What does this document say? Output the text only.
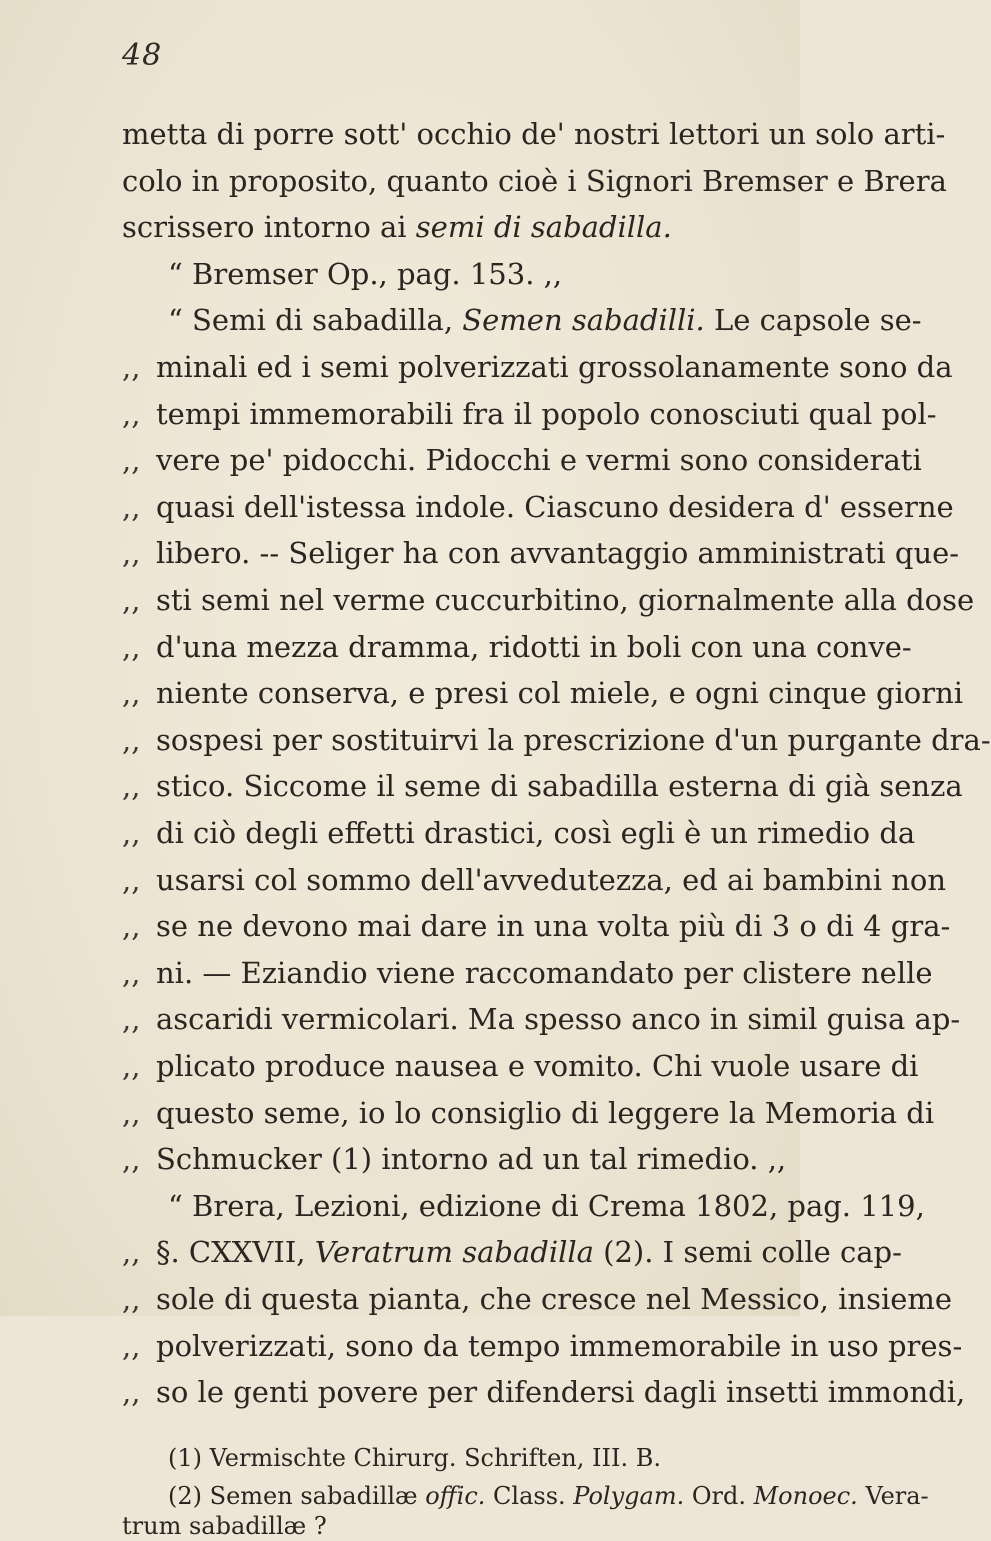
48
metta di porre sott' occhio de' nostri lettori un solo arti-
colo in proposito, quanto cioè i Signori Bremser e Brera
scrissero intorno ai semi di sabadilla.
“ Bremser Op., pag. 153. ,,
“ Semi di sabadilla, Semen sabadilli. Le capsole se-
,, minali ed i semi polverizzati grossolanamente sono da
,, tempi immemorabili fra il popolo conosciuti qual pol-
,, vere pe' pidocchi. Pidocchi e vermi sono considerati
,, quasi dell'istessa indole. Ciascuno desidera d' esserne
,, libero. -- Seliger ha con avvantaggio amministrati que-
,, sti semi nel verme cuccurbitino, giornalmente alla dose
,, d'una mezza dramma, ridotti in boli con una conve-
,, niente conserva, e presi col miele, e ogni cinque giorni
,, sospesi per sostituirvi la prescrizione d'un purgante dra-
,, stico. Siccome il seme di sabadilla esterna di già senza
,, di ciò degli effetti drastici, così egli è un rimedio da
,, usarsi col sommo dell'avvedutezza, ed ai bambini non
,, se ne devono mai dare in una volta più di 3 o di 4 gra-
,, ni. — Eziandio viene raccomandato per clistere nelle
,, ascaridi vermicolari. Ma spesso anco in simil guisa ap-
,, plicato produce nausea e vomito. Chi vuole usare di
,, questo seme, io lo consiglio di leggere la Memoria di
,, Schmucker (1) intorno ad un tal rimedio. ,,
“ Brera, Lezioni, edizione di Crema 1802, pag. 119,
,, §. CXXVII, Veratrum sabadilla (2). I semi colle cap-
,, sole di questa pianta, che cresce nel Messico, insieme
,, polverizzati, sono da tempo immemorabile in uso pres-
,, so le genti povere per difendersi dagli insetti immondi,
(1) Vermischte Chirurg. Schriften, III. B.
(2) Semen sabadillæ offic. Class. Polygam. Ord. Monoec. Vera-
trum sabadillæ ?
